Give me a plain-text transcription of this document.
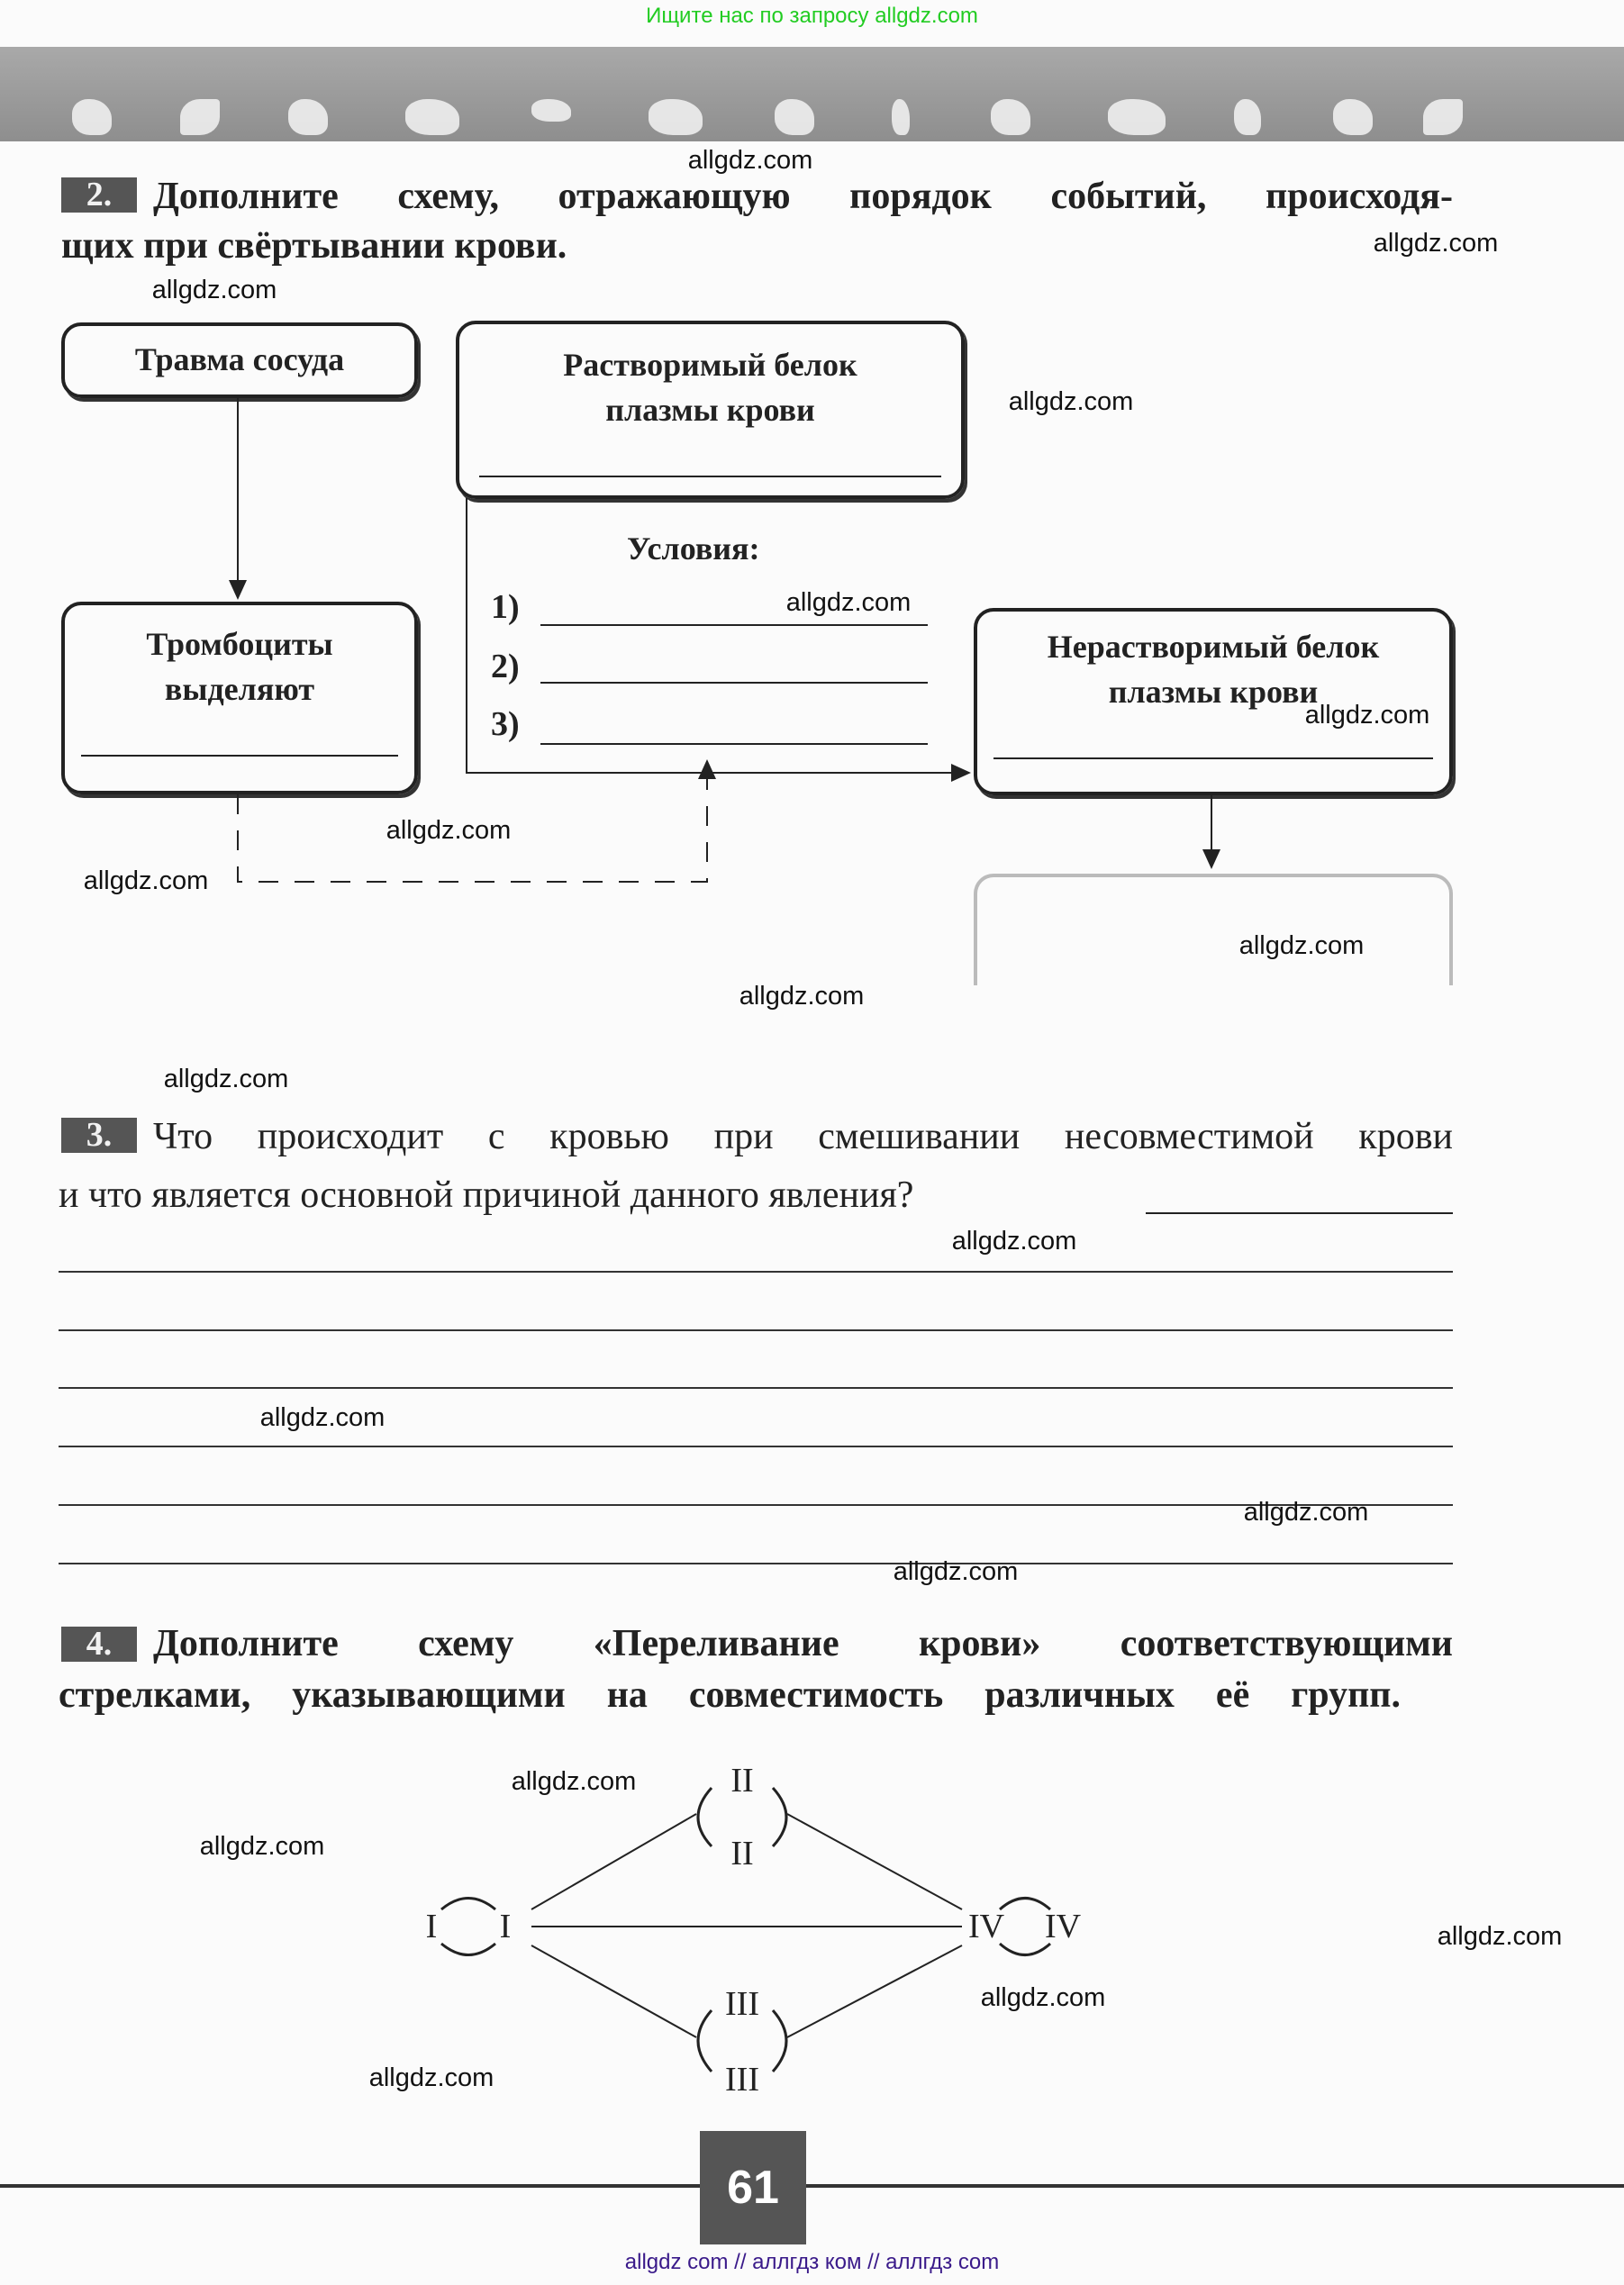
Ищите нас по запросу allgdz.com
2.	Дополните схему, отражающую порядок событий, происходя-
щих при свёртывании крови.
Травма сосуда	Растворимый белок
плазмы крови
Тромбоциты
выделяют
Нерастворимый белок
плазмы крови
Условия:
1)
2)
3)
3.	Что происходит с кровью при смешивании несовместимой крови
и что является основной причиной данного явления?
4.	Дополните схему «Переливание крови» соответствующими
стрелками, указывающими на совместимость различных её групп.
II
II
I I	IV IV
III
III
61
allgdz.com
allgdz.com
allgdz.com
allgdz.com
allgdz.com
allgdz.com
allgdz.com
allgdz.com
allgdz.com
allgdz.com
allgdz.com
allgdz.com
allgdz.com
allgdz.com
allgdz.com
allgdz.com
allgdz.com
allgdz.com
allgdz.com
allgdz.com
allgdz com // аллгдз ком // аллгдз com
